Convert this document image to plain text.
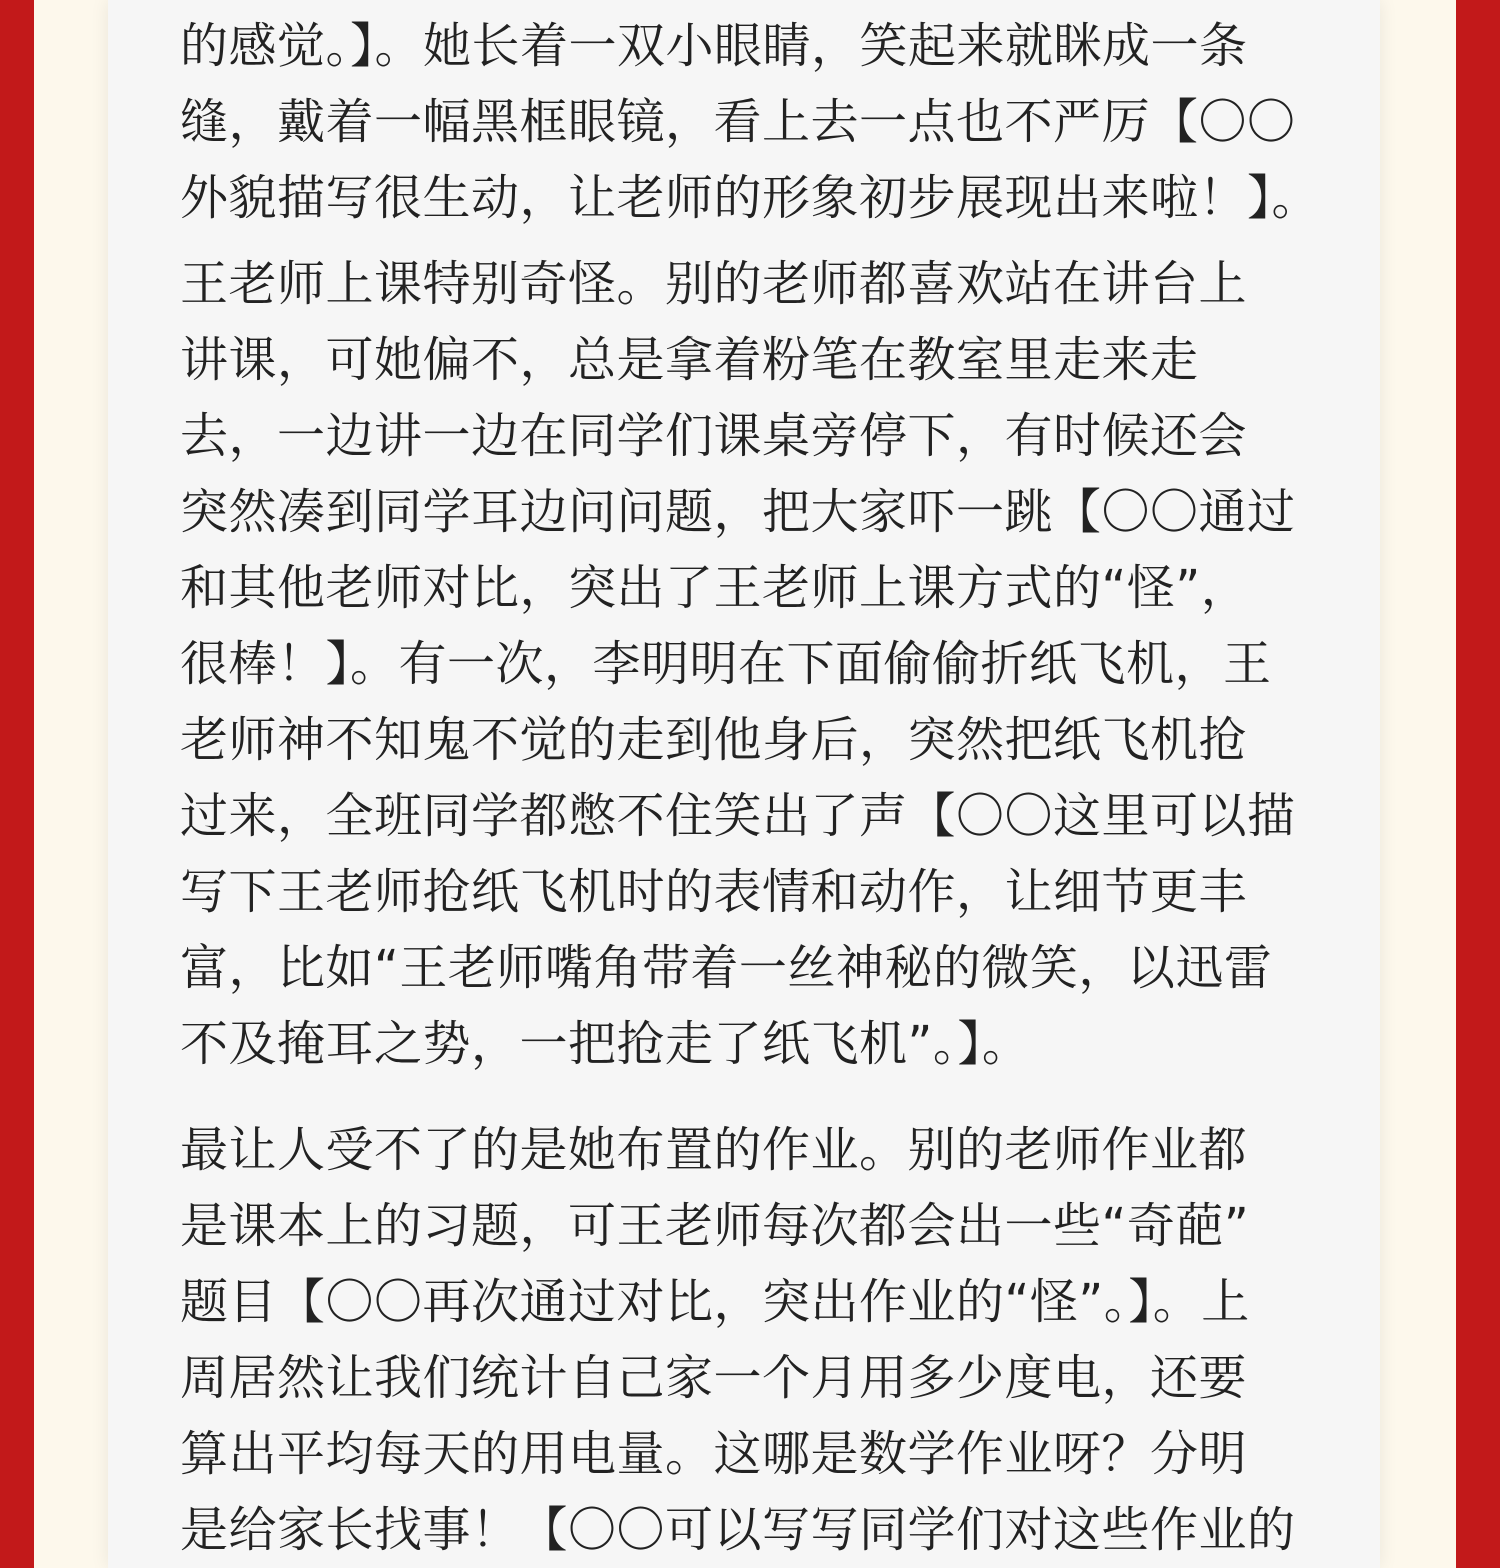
的感觉。】。她长着一双小眼睛，笑起来就眯成一条
缝，戴着一幅黑框眼镜，看上去一点也不严厉【〇〇
外貌描写很生动，让老师的形象初步展现出来啦！】。
王老师上课特别奇怪。别的老师都喜欢站在讲台上
讲课，可她偏不，总是拿着粉笔在教室里走来走
去，一边讲一边在同学们课桌旁停下，有时候还会
突然凑到同学耳边问问题，把大家吓一跳【〇〇通过
和其他老师对比，突出了王老师上课方式的“怪”，
很棒！】。有一次，李明明在下面偷偷折纸飞机，王
老师神不知鬼不觉的走到他身后，突然把纸飞机抢
过来，全班同学都憋不住笑出了声【〇〇这里可以描
写下王老师抢纸飞机时的表情和动作，让细节更丰
富，比如“王老师嘴角带着一丝神秘的微笑，以迅雷
不及掩耳之势，一把抢走了纸飞机”。】。
最让人受不了的是她布置的作业。别的老师作业都
是课本上的习题，可王老师每次都会出一些“奇葩”
题目【〇〇再次通过对比，突出作业的“怪”。】。上
周居然让我们统计自己家一个月用多少度电，还要
算出平均每天的用电量。这哪是数学作业呀？分明
是给家长找事！【〇〇可以写写同学们对这些作业的
